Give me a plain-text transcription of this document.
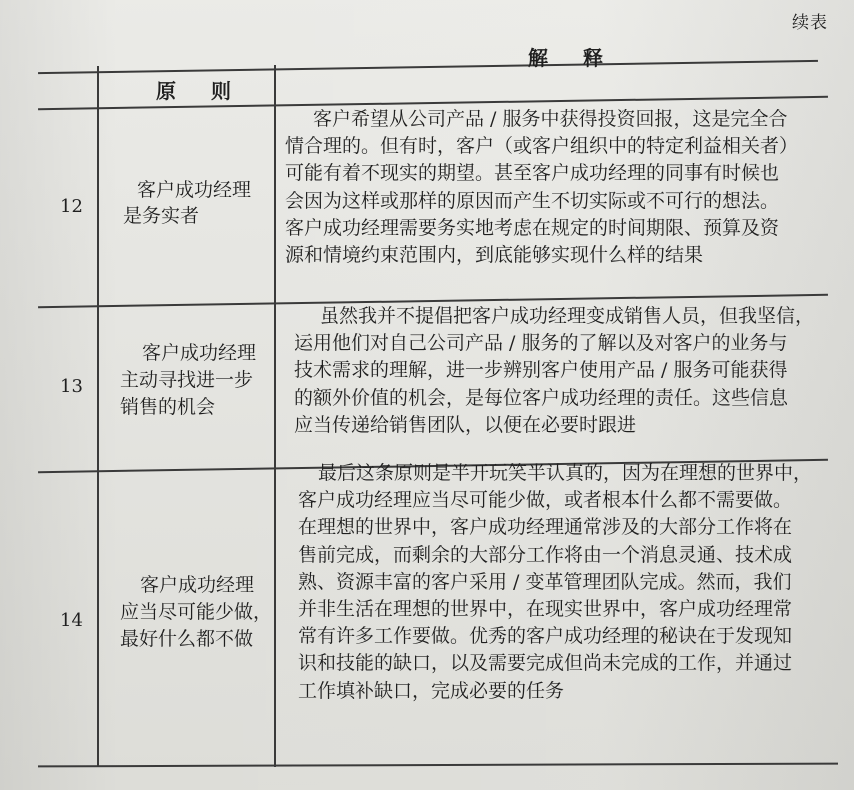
续表
原 则
解 释
12
客户成功经理
是务实者
客户希望从公司产品 / 服务中获得投资回报，这是完全合
情合理的。但有时，客户（或客户组织中的特定利益相关者）
可能有着不现实的期望。甚至客户成功经理的同事有时候也
会因为这样或那样的原因而产生不切实际或不可行的想法。
客户成功经理需要务实地考虑在规定的时间期限、预算及资
源和情境约束范围内，到底能够实现什么样的结果
13
客户成功经理
主动寻找进一步
销售的机会
虽然我并不提倡把客户成功经理变成销售人员，但我坚信，
运用他们对自己公司产品 / 服务的了解以及对客户的业务与
技术需求的理解，进一步辨别客户使用产品 / 服务可能获得
的额外价值的机会，是每位客户成功经理的责任。这些信息
应当传递给销售团队，以便在必要时跟进
14
客户成功经理
应当尽可能少做，
最好什么都不做
最后这条原则是半开玩笑半认真的，因为在理想的世界中，
客户成功经理应当尽可能少做，或者根本什么都不需要做。
在理想的世界中，客户成功经理通常涉及的大部分工作将在
售前完成，而剩余的大部分工作将由一个消息灵通、技术成
熟、资源丰富的客户采用 / 变革管理团队完成。然而，我们
并非生活在理想的世界中，在现实世界中，客户成功经理常
常有许多工作要做。优秀的客户成功经理的秘诀在于发现知
识和技能的缺口，以及需要完成但尚未完成的工作，并通过
工作填补缺口，完成必要的任务
